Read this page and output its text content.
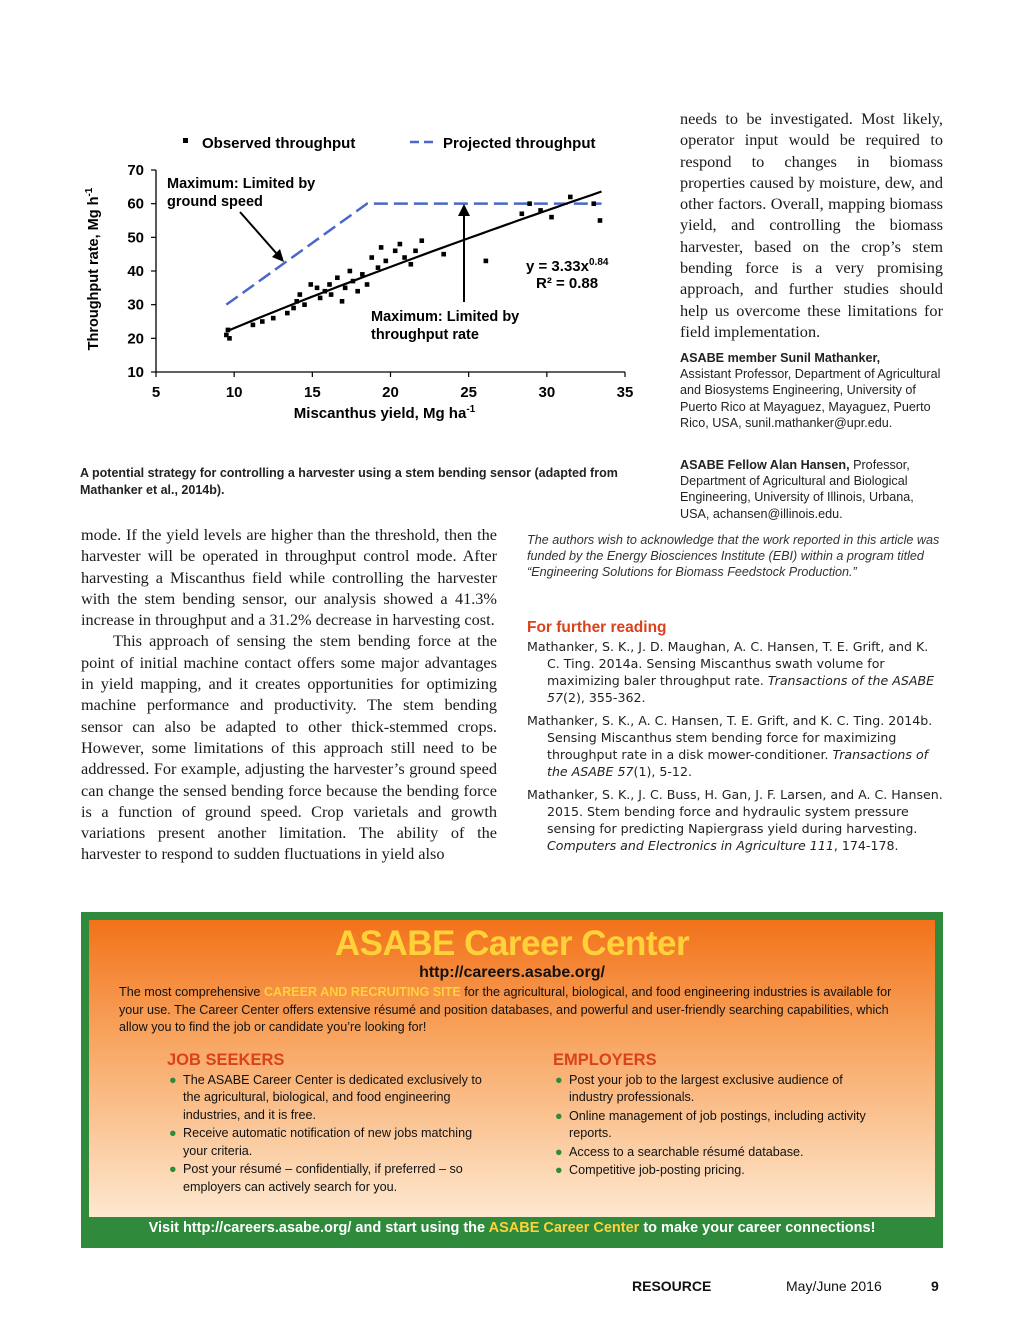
10
20
30
40
50
60
70
5	10	15	20	25	30	35
Miscanthus yield, Mg $ha^{-1}$
Throughput rate, Mg $h^{-1}$
Observed throughput	Projected throughput
$y = 3.33x^{0.84}$
R² = 0.88
Maximum: Limited by
ground speed
Maximum: Limited by
throughput rate
A potential strategy for controlling a harvester using a stem bending sensor (adapted from Mathanker et al., 2014b).
needs to be investigated. Most likely, operator input would be required to respond to changes in biomass properties caused by moisture, dew, and other factors. Overall, mapping biomass yield, and controlling the biomass harvester, based on the crop’s stem bending force is a very promising approach, and further studies should help us overcome these limitations for field implementation.
ASABE member Sunil Mathanker,
Assistant Professor, Department of Agricultural and Biosystems Engineering, University of Puerto Rico at Mayaguez, Mayaguez, Puerto Rico, USA, sunil.mathanker@upr.edu.
ASABE Fellow Alan Hansen, Professor, Department of Agricultural and Biological Engineering, University of Illinois, Urbana, USA, achansen@illinois.edu.

mode. If the yield levels are higher than the threshold, then the harvester will be operated in throughput control mode. After harvesting a Miscanthus field while controlling the harvester with the stem bending sensor, our analysis showed a 41.3% increase in throughput and a 31.2% decrease in harvesting cost.

This approach of sensing the stem bending force at the point of initial machine contact offers some major advantages in yield mapping, and it creates opportunities for optimizing machine performance and productivity. The stem bending sensor can also be adapted to other thick-stemmed crops. However, some limitations of this approach still need to be addressed. For example, adjusting the harvester’s ground speed can change the sensed bending force because the bending force is a function of ground speed. Crop varietals and growth variations present another limitation. The ability of the harvester to respond to sudden fluctuations in yield also

The authors wish to acknowledge that the work reported in this article was funded by the Energy Biosciences Institute (EBI) within a program titled “Engineering Solutions for Biomass Feedstock Production.”
For further reading
Mathanker, S. K., J. D. Maughan, A. C. Hansen, T. E. Grift, and K. C. Ting. 2014a. Sensing Miscanthus swath volume for maximizing baler throughput rate. Transactions of the ASABE 57(2), 355-362.
Mathanker, S. K., A. C. Hansen, T. E. Grift, and K. C. Ting. 2014b. Sensing Miscanthus stem bending force for maximizing throughput rate in a disk mower-conditioner. Transactions of the ASABE 57(1), 5-12.
Mathanker, S. K., J. C. Buss, H. Gan, J. F. Larsen, and A. C. Hansen. 2015. Stem bending force and hydraulic system pressure sensing for predicting Napiergrass yield during harvesting. Computers and Electronics in Agriculture 111, 174-178.
ASABE Career Center
http://careers.asabe.org/
The most comprehensive CAREER AND RECRUITING SITE for the agricultural, biological, and food engineering industries is available for your use. The Career Center offers extensive résumé and position databases, and powerful and user-friendly searching capabilities, which allow you to find the job or candidate you’re looking for!
JOB SEEKERS
● The ASABE Career Center is dedicated exclusively to the agricultural, biological, and food engineering industries, and it is free.
● Receive automatic notification of new jobs matching your criteria.
● Post your résumé – confidentially, if preferred – so employers can actively search for you.
EMPLOYERS
● Post your job to the largest exclusive audience of industry professionals.
● Online management of job postings, including activity reports.
● Access to a searchable résumé database.
● Competitive job-posting pricing.
Visit http://careers.asabe.org/ and start using the ASABE Career Center to make your career connections!
RESOURCE	May/June 2016	9
